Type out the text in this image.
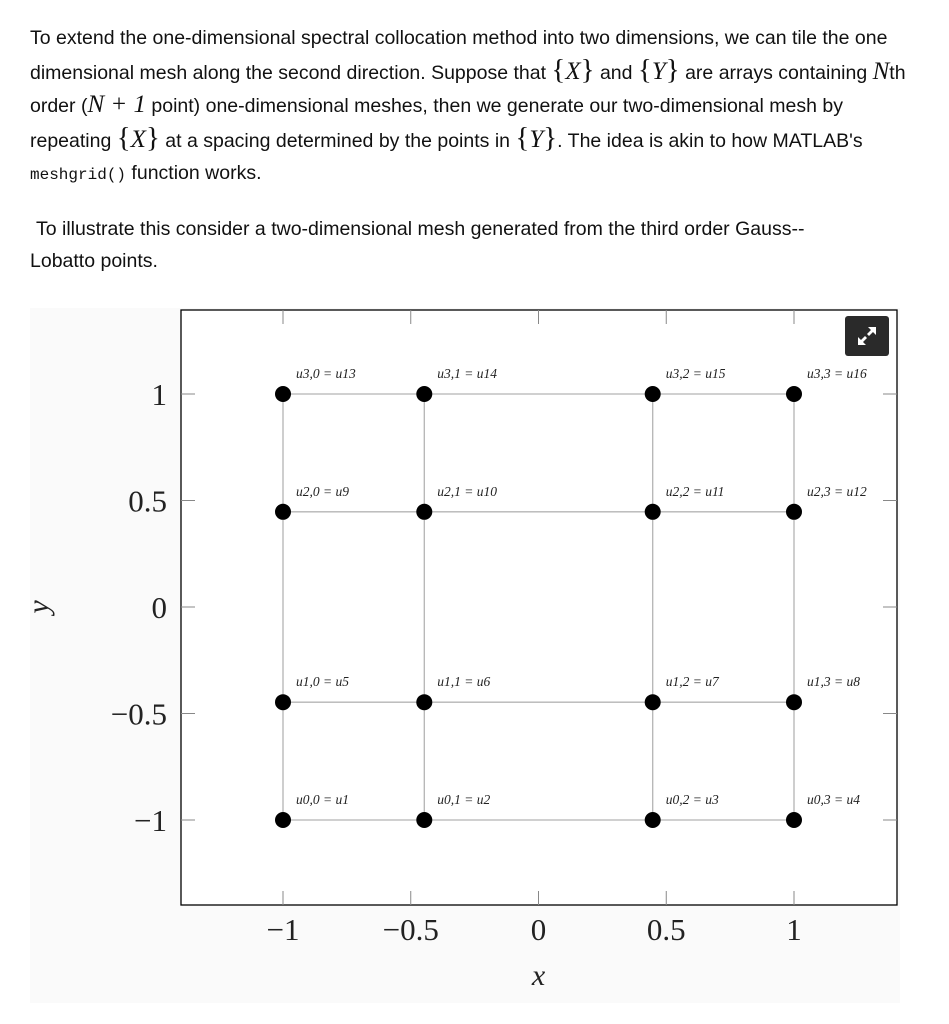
To extend the one-dimensional spectral collocation method into two dimensions, we can tile the one dimensional mesh along the second direction. Suppose that {X} and {Y} are arrays containing Nth order (N + 1 point) one-dimensional meshes, then we generate our two-dimensional mesh by repeating {X} at a spacing determined by the points in {Y}. The idea is akin to how MATLAB's meshgrid() function works.
To illustrate this consider a two-dimensional mesh generated from the third order Gauss--
Lobatto points.
−1	−0.5	0	0.5	1
−1
−0.5
0
0.5
1
x
y
u0,0 = u1	u0,1 = u2	u0,2 = u3	u0,3 = u4
u1,0 = u5	u1,1 = u6	u1,2 = u7	u1,3 = u8
u2,0 = u9	u2,1 = u10	u2,2 = u11	u2,3 = u12
u3,0 = u13	u3,1 = u14	u3,2 = u15	u3,3 = u16
